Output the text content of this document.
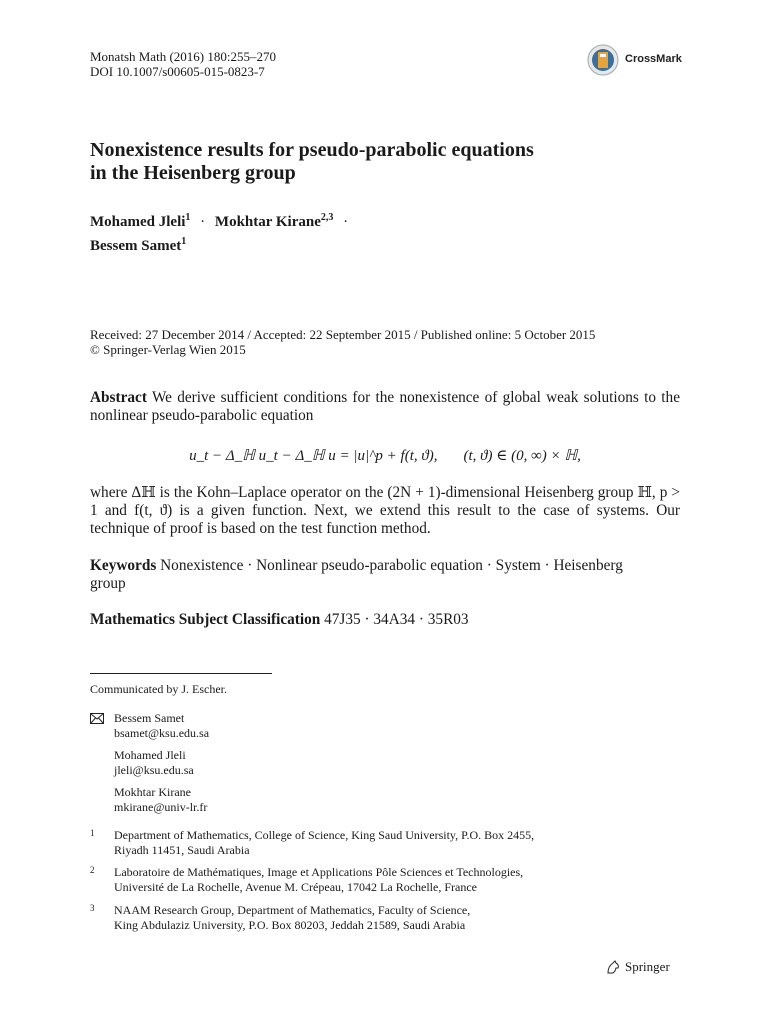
Monatsh Math (2016) 180:255–270
DOI 10.1007/s00605-015-0823-7
CrossMark
Nonexistence results for pseudo-parabolic equations
in the Heisenberg group
Mohamed Jleli$^1$ · Mokhtar Kirane$^{2,3}$ ·
Bessem Samet$^1$
Received: 27 December 2014 / Accepted: 22 September 2015 / Published online: 5 October 2015
© Springer-Verlag Wien 2015
Abstract We derive sufficient conditions for the nonexistence of global weak solutions to the nonlinear pseudo-parabolic equation
u_t − Δ_ℍ u_t − Δ_ℍ u = |u|^p + f(t, ϑ), (t, ϑ) ∈ (0, ∞) × ℍ,
where Δℍ is the Kohn–Laplace operator on the (2N + 1)-dimensional Heisenberg group ℍ, p > 1 and f(t, ϑ) is a given function. Next, we extend this result to the case of systems. Our technique of proof is based on the test function method.
Keywords Nonexistence · Nonlinear pseudo-parabolic equation · System · Heisenberg group
Mathematics Subject Classification 47J35 · 34A34 · 35R03
Communicated by J. Escher.
Bessem Samet
bsamet@ksu.edu.sa
Mohamed Jleli
jleli@ksu.edu.sa
Mokhtar Kirane
mkirane@univ-lr.fr
1 Department of Mathematics, College of Science, King Saud University, P.O. Box 2455,
Riyadh 11451, Saudi Arabia
2 Laboratoire de Mathématiques, Image et Applications Pôle Sciences et Technologies,
Université de La Rochelle, Avenue M. Crépeau, 17042 La Rochelle, France
3 NAAM Research Group, Department of Mathematics, Faculty of Science,
King Abdulaziz University, P.O. Box 80203, Jeddah 21589, Saudi Arabia
Springer
